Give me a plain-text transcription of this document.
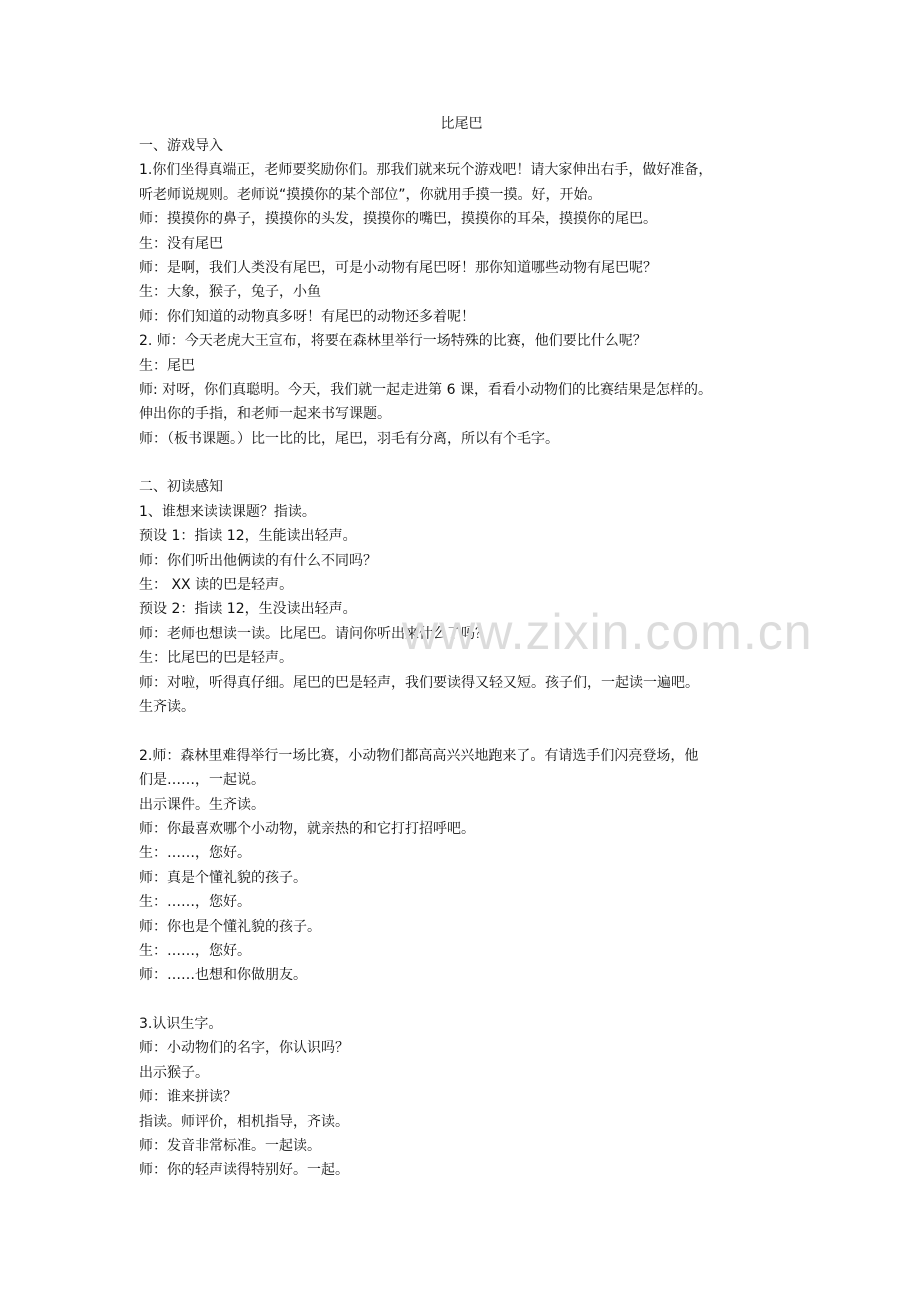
比尾巴
一、游戏导入
1.你们坐得真端正，老师要奖励你们。那我们就来玩个游戏吧！请大家伸出右手，做好准备，
听老师说规则。老师说“摸摸你的某个部位”，你就用手摸一摸。好，开始。
师：摸摸你的鼻子，摸摸你的头发，摸摸你的嘴巴，摸摸你的耳朵，摸摸你的尾巴。
生：没有尾巴
师：是啊，我们人类没有尾巴，可是小动物有尾巴呀！那你知道哪些动物有尾巴呢？
生：大象，猴子，兔子，小鱼
师：你们知道的动物真多呀！有尾巴的动物还多着呢！
2. 师：今天老虎大王宣布，将要在森林里举行一场特殊的比赛，他们要比什么呢？
生：尾巴
师: 对呀，你们真聪明。今天，我们就一起走进第 6 课，看看小动物们的比赛结果是怎样的。
伸出你的手指，和老师一起来书写课题。
师：（板书课题。）比一比的比，尾巴，羽毛有分离，所以有个毛字。
二、初读感知
1、谁想来读读课题？指读。
预设 1：指读 12，生能读出轻声。
师：你们听出他俩读的有什么不同吗？
生： XX 读的巴是轻声。
预设 2：指读 12，生没读出轻声。
师：老师也想读一读。比尾巴。请问你听出来什么了吗？
生：比尾巴的巴是轻声。
师：对啦，听得真仔细。尾巴的巴是轻声，我们要读得又轻又短。孩子们，一起读一遍吧。
生齐读。
2.师：森林里难得举行一场比赛，小动物们都高高兴兴地跑来了。有请选手们闪亮登场，他
们是……，一起说。
出示课件。生齐读。
师：你最喜欢哪个小动物，就亲热的和它打打招呼吧。
生：……，您好。
师：真是个懂礼貌的孩子。
生：……，您好。
师：你也是个懂礼貌的孩子。
生：……，您好。
师：……也想和你做朋友。
3.认识生字。
师：小动物们的名字，你认识吗？
出示猴子。
师：谁来拼读？
指读。师评价，相机指导，齐读。
师：发音非常标准。一起读。
师：你的轻声读得特别好。一起。
www.zixin.com.cn
